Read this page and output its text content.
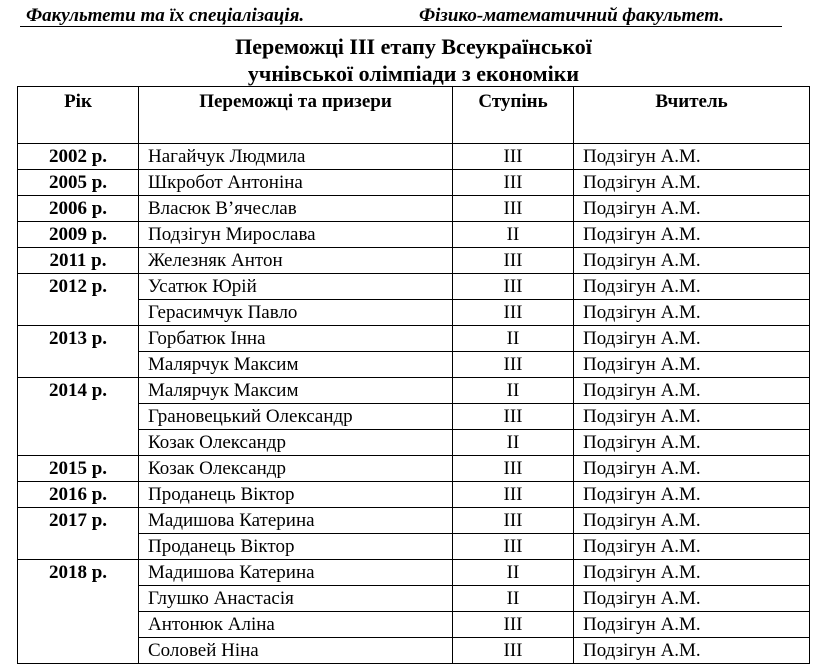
Факультети та їх спеціалізація.	Фізико-математичний факультет.
Переможці ІІІ етапу Всеукраїнської
учнівської олімпіади з економіки
Рік	Переможці та призери	Ступінь	Вчитель
2002 р.	Нагайчук Людмила	ІІІ	Подзігун А.М.
2005 р.	Шкробот Антоніна	ІІІ	Подзігун А.М.
2006 р.	Власюк В’ячеслав	ІІІ	Подзігун А.М.
2009 р.	Подзігун Мирослава	ІІ	Подзігун А.М.
2011 р.	Железняк Антон	ІІІ	Подзігун А.М.
2012 р.	Усатюк Юрій	ІІІ	Подзігун А.М.
	Герасимчук Павло	ІІІ	Подзігун А.М.
2013 р.	Горбатюк Інна	ІІ	Подзігун А.М.
	Малярчук Максим	ІІІ	Подзігун А.М.
2014 р.	Малярчук Максим	ІІ	Подзігун А.М.
	Грановецький Олександр	ІІІ	Подзігун А.М.
	Козак Олександр	ІІ	Подзігун А.М.
2015 р.	Козак Олександр	ІІІ	Подзігун А.М.
2016 р.	Проданець Віктор	ІІІ	Подзігун А.М.
2017 р.	Мадишова Катерина	ІІІ	Подзігун А.М.
	Проданець Віктор	ІІІ	Подзігун А.М.
2018 р.	Мадишова Катерина	ІІ	Подзігун А.М.
	Глушко Анастасія	ІІ	Подзігун А.М.
	Антонюк Аліна	ІІІ	Подзігун А.М.
	Соловей Ніна	ІІІ	Подзігун А.М.
